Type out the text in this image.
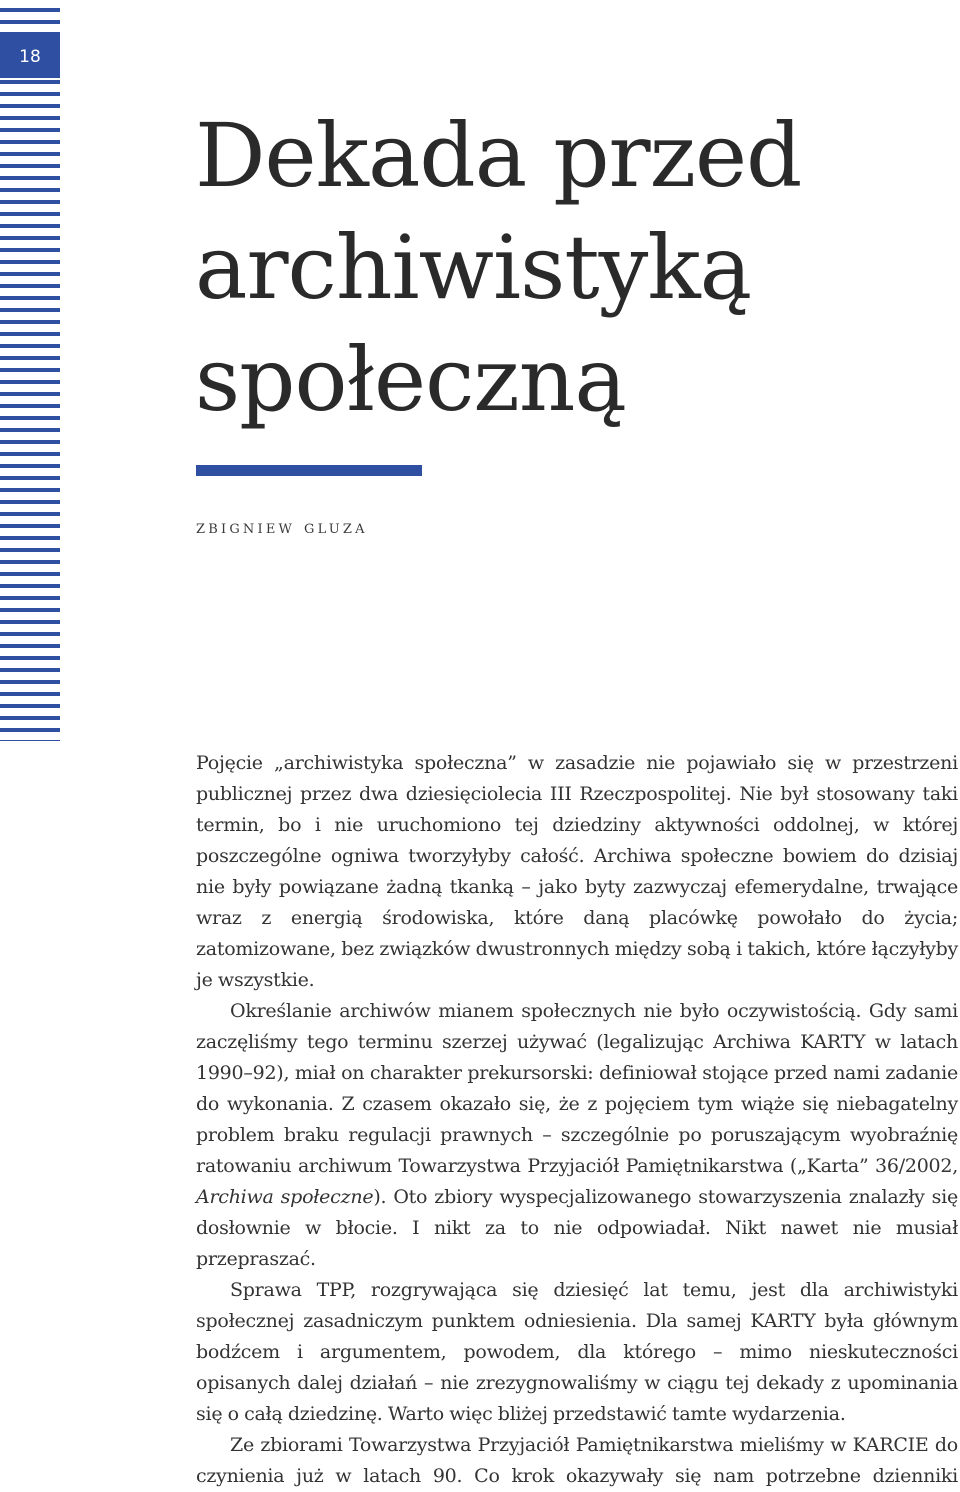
18
Dekada przed
archiwistyką
społeczną
zbigniew gluza

Pojęcie „archiwistyka społeczna” w zasadzie nie pojawiało się w przestrzeni publicznej przez dwa dziesięciolecia III Rzeczpospolitej. Nie był stosowany taki termin, bo i nie uruchomiono tej dziedziny aktywności oddolnej, w której poszczególne ogniwa tworzyłyby całość. Archiwa społeczne bowiem do dzisiaj nie były powiązane żadną tkanką – jako byty zazwyczaj efemerydalne, trwające wraz z energią środowiska, które daną placówkę powołało do życia; zatomizowane, bez związków dwustronnych między sobą i takich, które łączyłyby je wszystkie.

Określanie archiwów mianem społecznych nie było oczywistością. Gdy sami zaczęliśmy tego terminu szerzej używać (legalizując Archiwa KARTY w latach 1990–92), miał on charakter prekursorski: definiował stojące przed nami zadanie do wykonania. Z czasem okazało się, że z pojęciem tym wiąże się niebagatelny problem braku regulacji prawnych – szczególnie po poruszającym wyobraźnię ratowaniu archiwum Towarzystwa Przyjaciół Pamiętnikarstwa („Karta” 36/2002, Archiwa społeczne). Oto zbiory wyspecjalizowanego stowarzyszenia znalazły się dosłownie w błocie. I nikt za to nie odpowiadał. Nikt nawet nie musiał przepraszać.

Sprawa TPP, rozgrywająca się dziesięć lat temu, jest dla archiwistyki społecznej zasadniczym punktem odniesienia. Dla samej KARTY była głównym bodźcem i argumentem, powodem, dla którego – mimo nieskuteczności opisanych dalej działań – nie zrezygnowaliśmy w ciągu tej dekady z upominania się o całą dziedzinę. Warto więc bliżej przedstawić tamte wydarzenia.

Ze zbiorami Towarzystwa Przyjaciół Pamiętnikarstwa mieliśmy w KARCIE do czynienia już w latach 90. Co krok okazywały się nam potrzebne dzienniki
